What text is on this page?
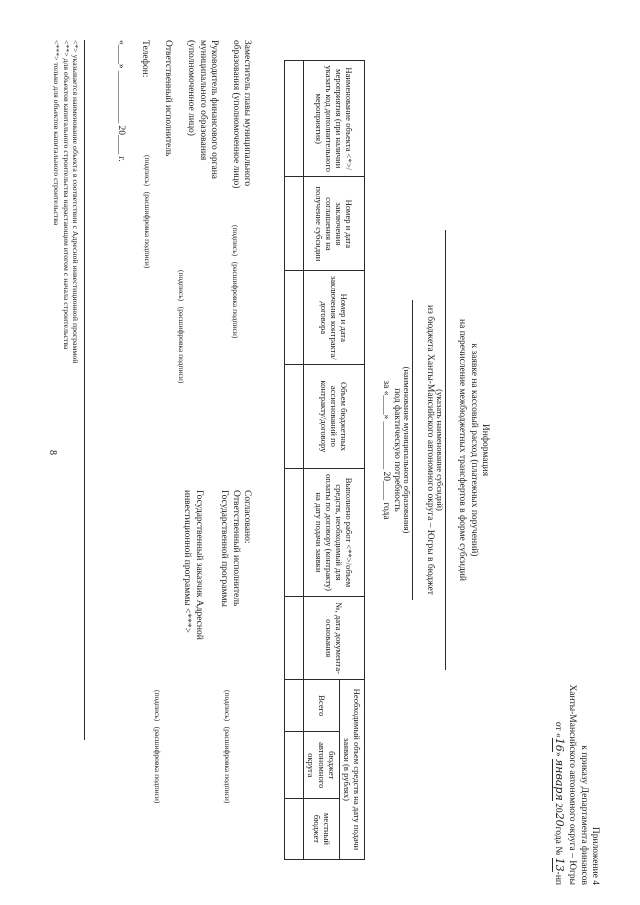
8
Приложение 4
к приказу Департамента финансов
Ханты-Мансийского автономного округа – Югры
от «16» января 2020года № 13-нп
Информация
к заявке на кассовый расход (платежных поручений)
на перечисление межбюджетных трансфертов в форме субсидий
(указать наименование субсидий)
из бюджета Ханты-Мансийского автономного округа – Югры в бюджет
(наименование муниципального образования)
под фактическую потребность
за «____» __________ 20____ года
Наименование объекта <*>/мероприятия (при наличии указать код дополнительного мероприятия)	Номер и дата заключения соглашения на получение субсидии	Номер и дата заключения контракта/договора	Объем бюджетных ассигнований по контракту/договору	Выполнено работ <**>/объем средств, необходимый для оплаты по договору (контракту) на дату подачи заявки	№, дата документа-основания	Необходимый объем средств на дату подачи заявки (в рублях)		
						Всего	бюджет автономного округа	местный бюджет

Заместитель главы муниципального образования (уполномоченное лицо)
(подпись)   (расшифровка подписи)
Руководитель финансового органа муниципального образования (уполномоченное лицо)
(подпись)   (расшифровка подписи)
Ответственный исполнитель
(подпись)   (расшифровка подписи)
Телефон:
«____» ___________ 20____ г.
Согласовано:
Ответственный исполнитель Государственной программы
(подпись)   (расшифровка подписи)
Государственный заказчик Адресной инвестиционной программы <***>
(подпись)   (расшифровка подписи)
<*> указывается наименование объекта в соответствии с Адресной инвестиционной программой
<**> для объектов капитального строительства нарастающим итогом с начала строительства
<***> только для объектов капитального строительства
